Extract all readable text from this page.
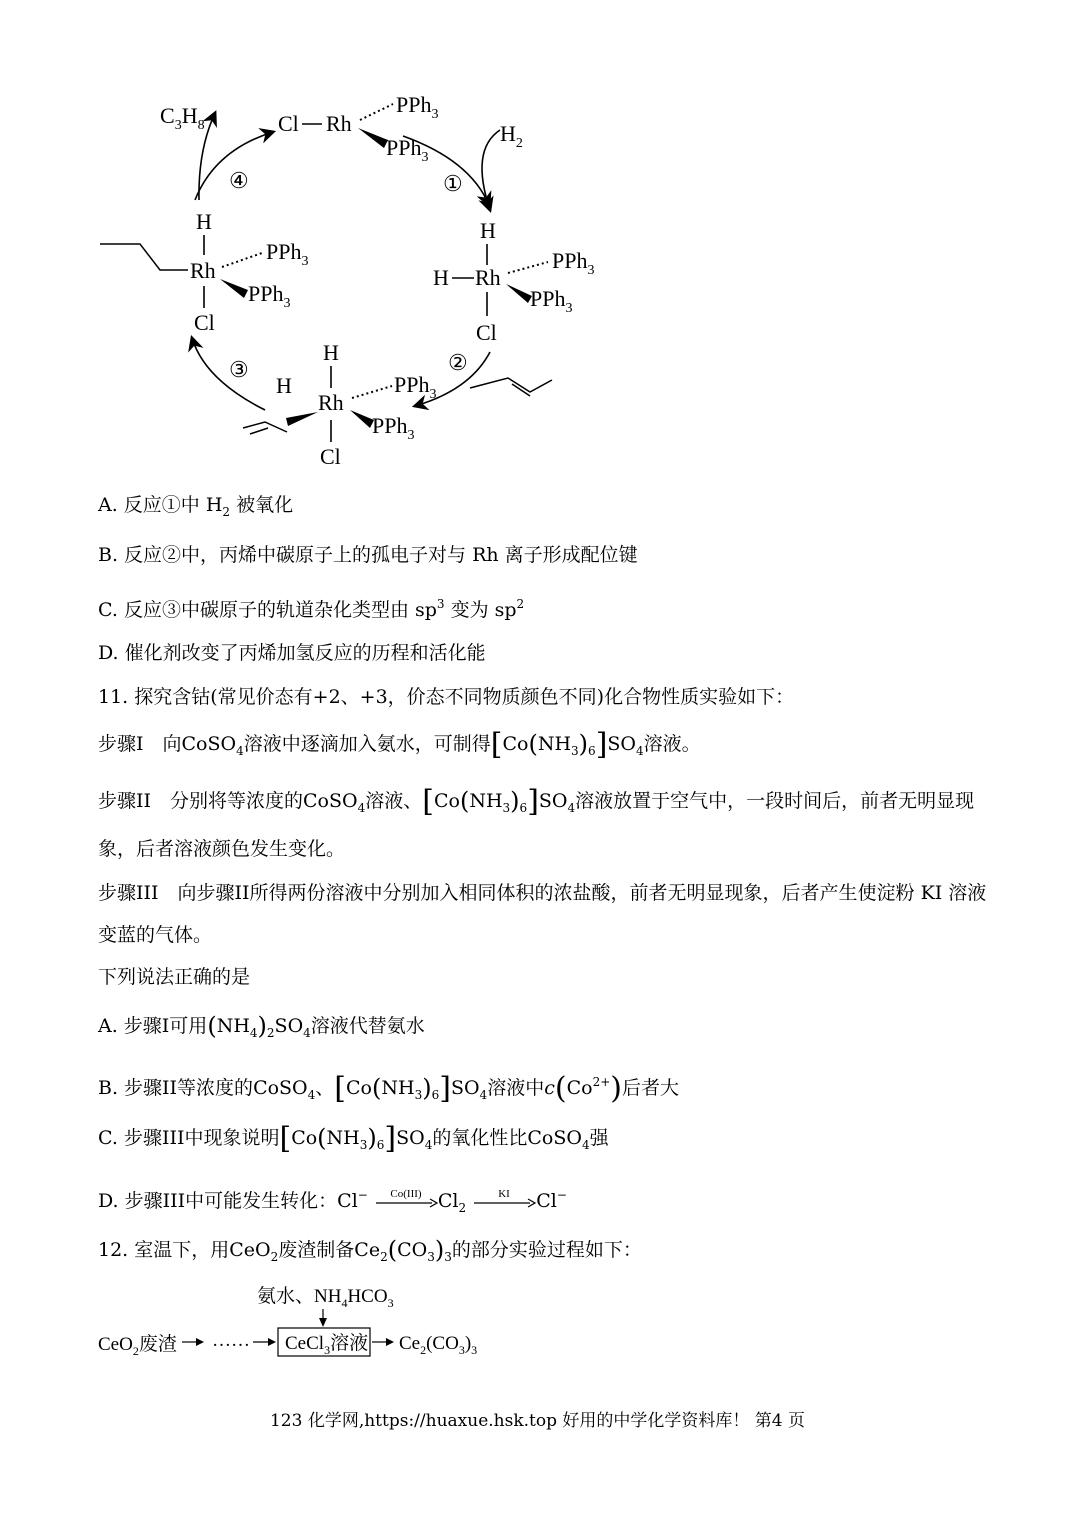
$C_3H_8$	Cl Rh
PPh$_3$
PPh$_3$
$H_2$
①
④
H
H Rh
PPh$_3$
PPh$_3$
Cl
②
H
H
Rh
PPh$_3$
PPh$_3$
Cl
③
H
Rh
PPh$_3$
PPh$_3$
Cl
A. 反应①中 $H_2$ 被氧化
B. 反应②中，丙烯中碳原子上的孤电子对与 Rh 离子形成配位键
C. 反应③中碳原子的轨道杂化类型由 $sp^3$ 变为 $sp^2$
D. 催化剂改变了丙烯加氢反应的历程和活化能
11. 探究含钴(常见价态有+2、+3，价态不同物质颜色不同)化合物性质实验如下：
步骤I　向CoSO$_4$溶液中逐滴加入氨水，可制得$[Co(NH_3)_6]SO_4$溶液。
步骤II　分别将等浓度的CoSO$_4$溶液、$[Co(NH_3)_6]SO_4$溶液放置于空气中，一段时间后，前者无明显现
象，后者溶液颜色发生变化。
步骤III　向步骤II所得两份溶液中分别加入相同体积的浓盐酸，前者无明显现象，后者产生使淀粉 KI 溶液
变蓝的气体。
下列说法正确的是
A. 步骤I可用$(NH_4)_2SO_4$溶液代替氨水
B. 步骤II等浓度的CoSO$_4$、$[Co(NH_3)_6]SO_4$溶液中$c(Co^{2+})$后者大
C. 步骤III中现象说明$[Co(NH_3)_6]SO_4$的氧化性比CoSO$_4$强
D. 步骤III中可能发生转化：Cl− Co(III) $Cl_2$
KI Cl−
12. 室温下，用CeO$_2$废渣制备$Ce_2(CO_3)_3$的部分实验过程如下：
氨水、$NH_4HCO_3$
CeO$_2$废渣 …… CeCl$_3$溶液 $Ce_2(CO_3)_3$
123 化学网,https://huaxue.hsk.top 好用的中学化学资料库！ 第4 页
